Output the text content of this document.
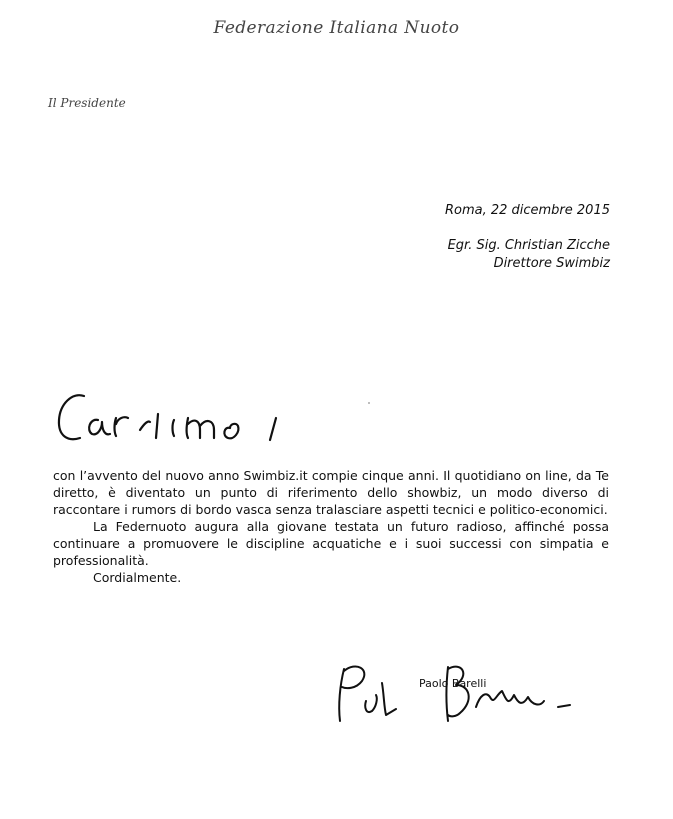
Federazione Italiana Nuoto
Il Presidente
Roma, 22 dicembre 2015
Egr. Sig. Christian Zicche
Direttore Swimbiz

con l’avvento del nuovo anno Swimbiz.it compie cinque anni. Il quotidiano on line, da Te diretto, è diventato un punto di riferimento dello showbiz, un modo diverso di raccontare i rumors di bordo vasca senza tralasciare aspetti tecnici e politico-economici.

La Federnuoto augura alla giovane testata un futuro radioso, affinché possa continuare a promuovere le discipline acquatiche e i suoi successi con simpatia e professionalità.

Cordialmente.

Paolo Barelli
